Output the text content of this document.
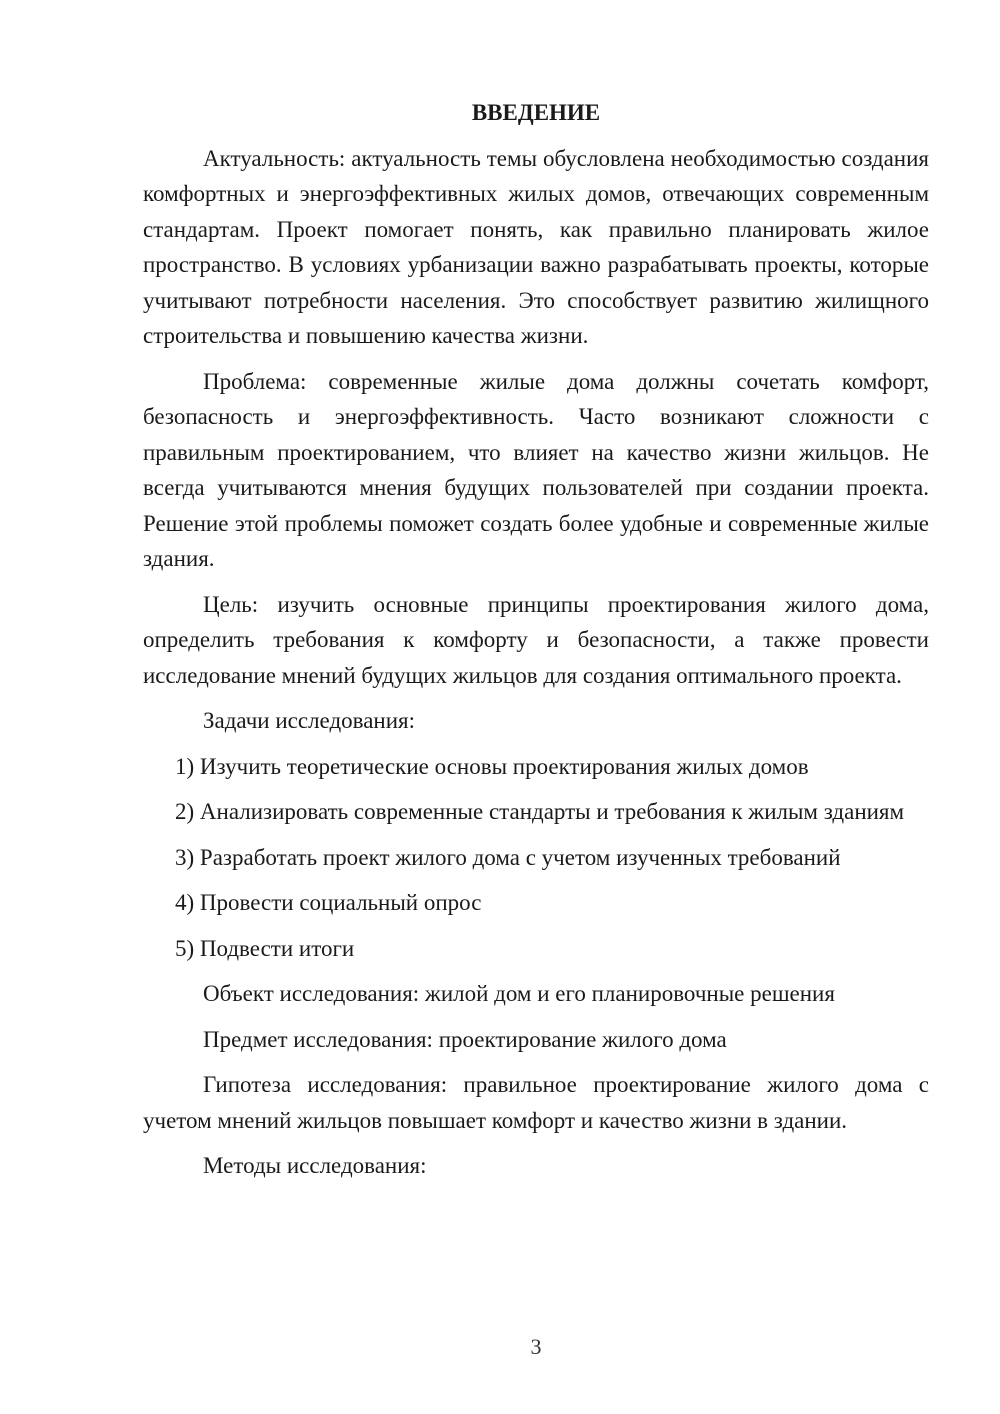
ВВЕДЕНИЕ

Актуальность: актуальность темы обусловлена необходимостью создания комфортных и энергоэффективных жилых домов, отвечающих современным стандартам. Проект помогает понять, как правильно планировать жилое пространство. В условиях урбанизации важно разрабатывать проекты, которые учитывают потребности населения. Это способствует развитию жилищного строительства и повышению качества жизни.

Проблема: современные жилые дома должны сочетать комфорт, безопасность и энергоэффективность. Часто возникают сложности с правильным проектированием, что влияет на качество жизни жильцов. Не всегда учитываются мнения будущих пользователей при создании проекта. Решение этой проблемы поможет создать более удобные и современные жилые здания.

Цель: изучить основные принципы проектирования жилого дома, определить требования к комфорту и безопасности, а также провести исследование мнений будущих жильцов для создания оптимального проекта.

Задачи исследования:

1) Изучить теоретические основы проектирования жилых домов

2) Анализировать современные стандарты и требования к жилым зданиям

3) Разработать проект жилого дома с учетом изученных требований

4) Провести социальный опрос

5) Подвести итоги

Объект исследования: жилой дом и его планировочные решения

Предмет исследования: проектирование жилого дома

Гипотеза исследования: правильное проектирование жилого дома с учетом мнений жильцов повышает комфорт и качество жизни в здании.

Методы исследования:

3
